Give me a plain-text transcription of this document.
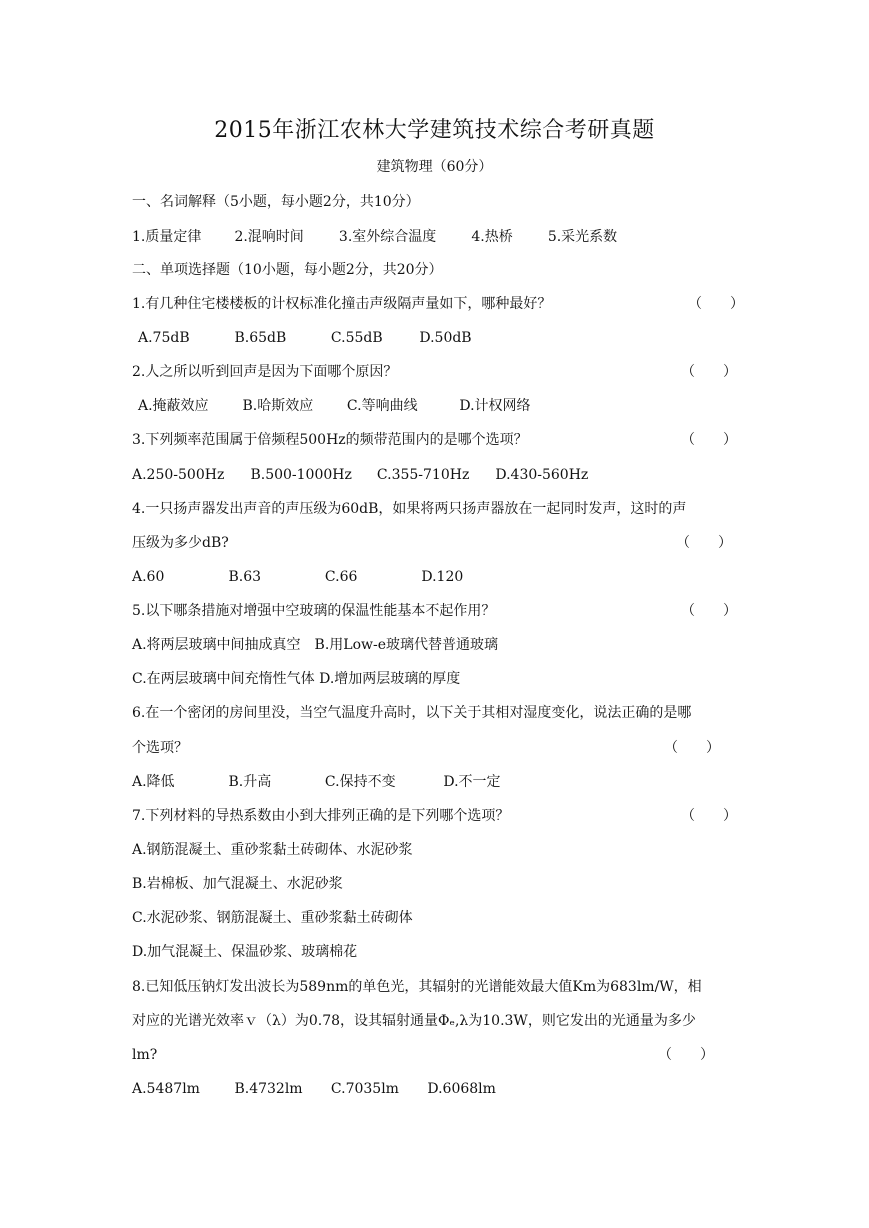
2015年浙江农林大学建筑技术综合考研真题
建筑物理（60分）
一、名词解释（5小题，每小题2分，共10分）
1.质量定律 2.混响时间	3.室外综合温度	4.热桥	5.采光系数
二、单项选择题（10小题，每小题2分，共20分）
1.有几种住宅楼楼板的计权标准化撞击声级隔声量如下，哪种最好？	（　　）
A.75dB	B.65dB	C.55dB	D.50dB
2.人之所以听到回声是因为下面哪个原因？	（　　）
A.掩蔽效应 B.哈斯效应 C.等响曲线	D.计权网络
3.下列频率范围属于倍频程500Hz的频带范围内的是哪个选项？	（　　）
A.250-500Hz B.500-1000Hz C.355-710Hz D.430-560Hz
4.一只扬声器发出声音的声压级为60dB，如果将两只扬声器放在一起同时发声，这时的声
压级为多少dB?	（　　）
A.60	B.63	C.66	D.120
5.以下哪条措施对增强中空玻璃的保温性能基本不起作用？	（　　）
A.将两层玻璃中间抽成真空　B.用Low-e玻璃代替普通玻璃
C.在两层玻璃中间充惰性气体 D.增加两层玻璃的厚度
6.在一个密闭的房间里没，当空气温度升高时，以下关于其相对湿度变化，说法正确的是哪
个选项？	（　　）
A.降低	B.升高	C.保持不变	D.不一定
7.下列材料的导热系数由小到大排列正确的是下列哪个选项？	（　　）
A.钢筋混凝土、重砂浆黏土砖砌体、水泥砂浆
B.岩棉板、加气混凝土、水泥砂浆
C.水泥砂浆、钢筋混凝土、重砂浆黏土砖砌体
D.加气混凝土、保温砂浆、玻璃棉花
8.已知低压钠灯发出波长为589nm的单色光，其辐射的光谱能效最大值Km为683lm/W，相
对应的光谱光效率ｖ（λ）为0.78，设其辐射通量Φₑ,λ为10.3W，则它发出的光通量为多少
lm?	（　　）
A.5487lm B.4732lm C.7035lm D.6068lm
